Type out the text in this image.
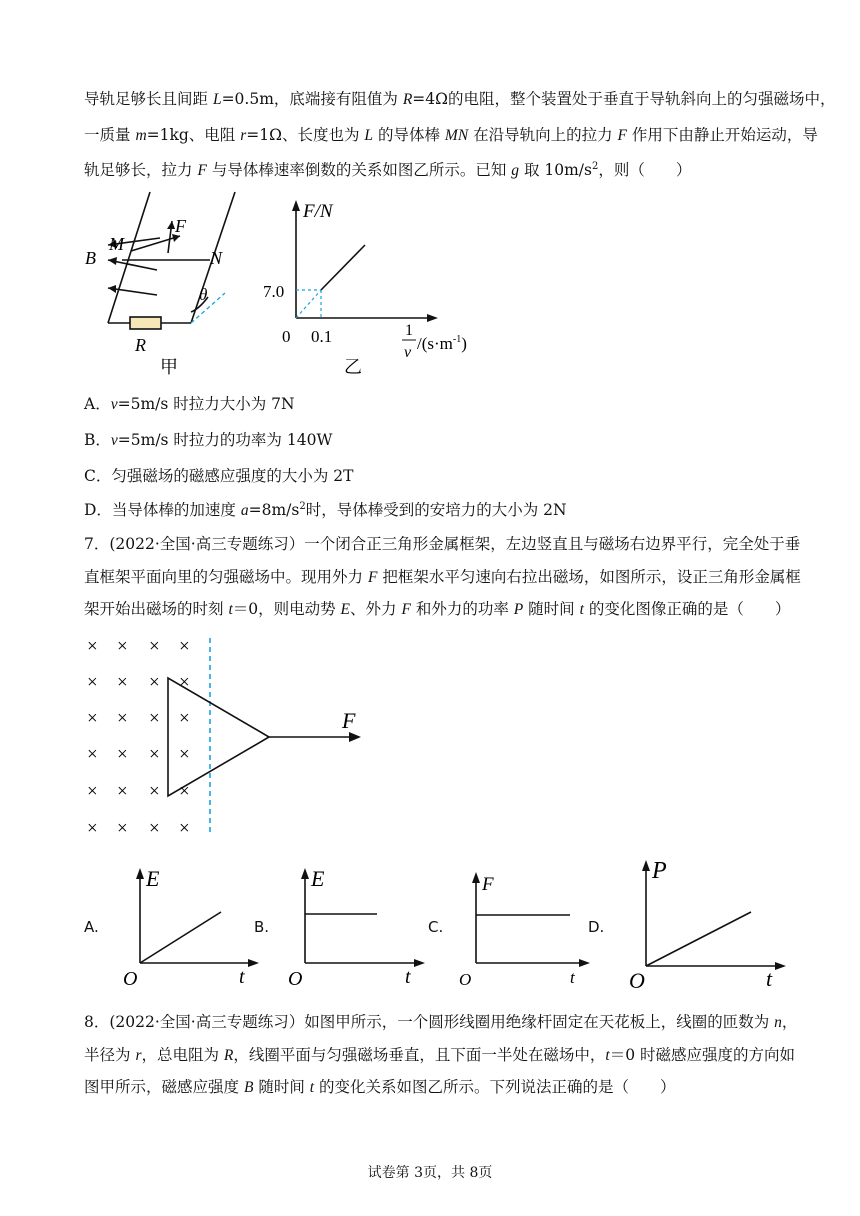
导轨足够长且间距 L=0.5m，底端接有阻值为 R=4Ω的电阻，整个装置处于垂直于导轨斜向上的匀强磁场中，
一质量 m=1kg、电阻 r=1Ω、长度也为 L 的导体棒 MN 在沿导轨向上的拉力 F 作用下由静止开始运动，导
轨足够长，拉力 F 与导体棒速率倒数的关系如图乙所示。已知 g 取 $10m/s^2$，则（　　）
B
M
N
F
θ
R
甲
F/N
7.0
0 0.1	1
v $/(s\cdot m^{-1})$
乙
A．v=5m/s 时拉力大小为 7N
B．v=5m/s 时拉力的功率为 140W
C．匀强磁场的磁感应强度的大小为 2T
D．当导体棒的加速度 $a=8m/s^2$时，导体棒受到的安培力的大小为 2N
7．(2022·全国·高三专题练习）一个闭合正三角形金属框架，左边竖直且与磁场右边界平行，完全处于垂
直框架平面向里的匀强磁场中。现用外力 F 把框架水平匀速向右拉出磁场，如图所示，设正三角形金属框
架开始出磁场的时刻 t＝0，则电动势 E、外力 F 和外力的功率 P 随时间 t 的变化图像正确的是（　　）
× × × ×
× × × ×
× × × ×
× × × ×
× × × ×
× × × ×
F
E
t
O
A.
E
t
O
B.
F
t
O
C.
P
t
O
D.
8．(2022·全国·高三专题练习）如图甲所示，一个圆形线圈用绝缘杆固定在天花板上，线圈的匝数为 n，
半径为 r，总电阻为 R，线圈平面与匀强磁场垂直，且下面一半处在磁场中，t＝0 时磁感应强度的方向如
图甲所示，磁感应强度 B 随时间 t 的变化关系如图乙所示。下列说法正确的是（　　）
试卷第 3页，共 8页
